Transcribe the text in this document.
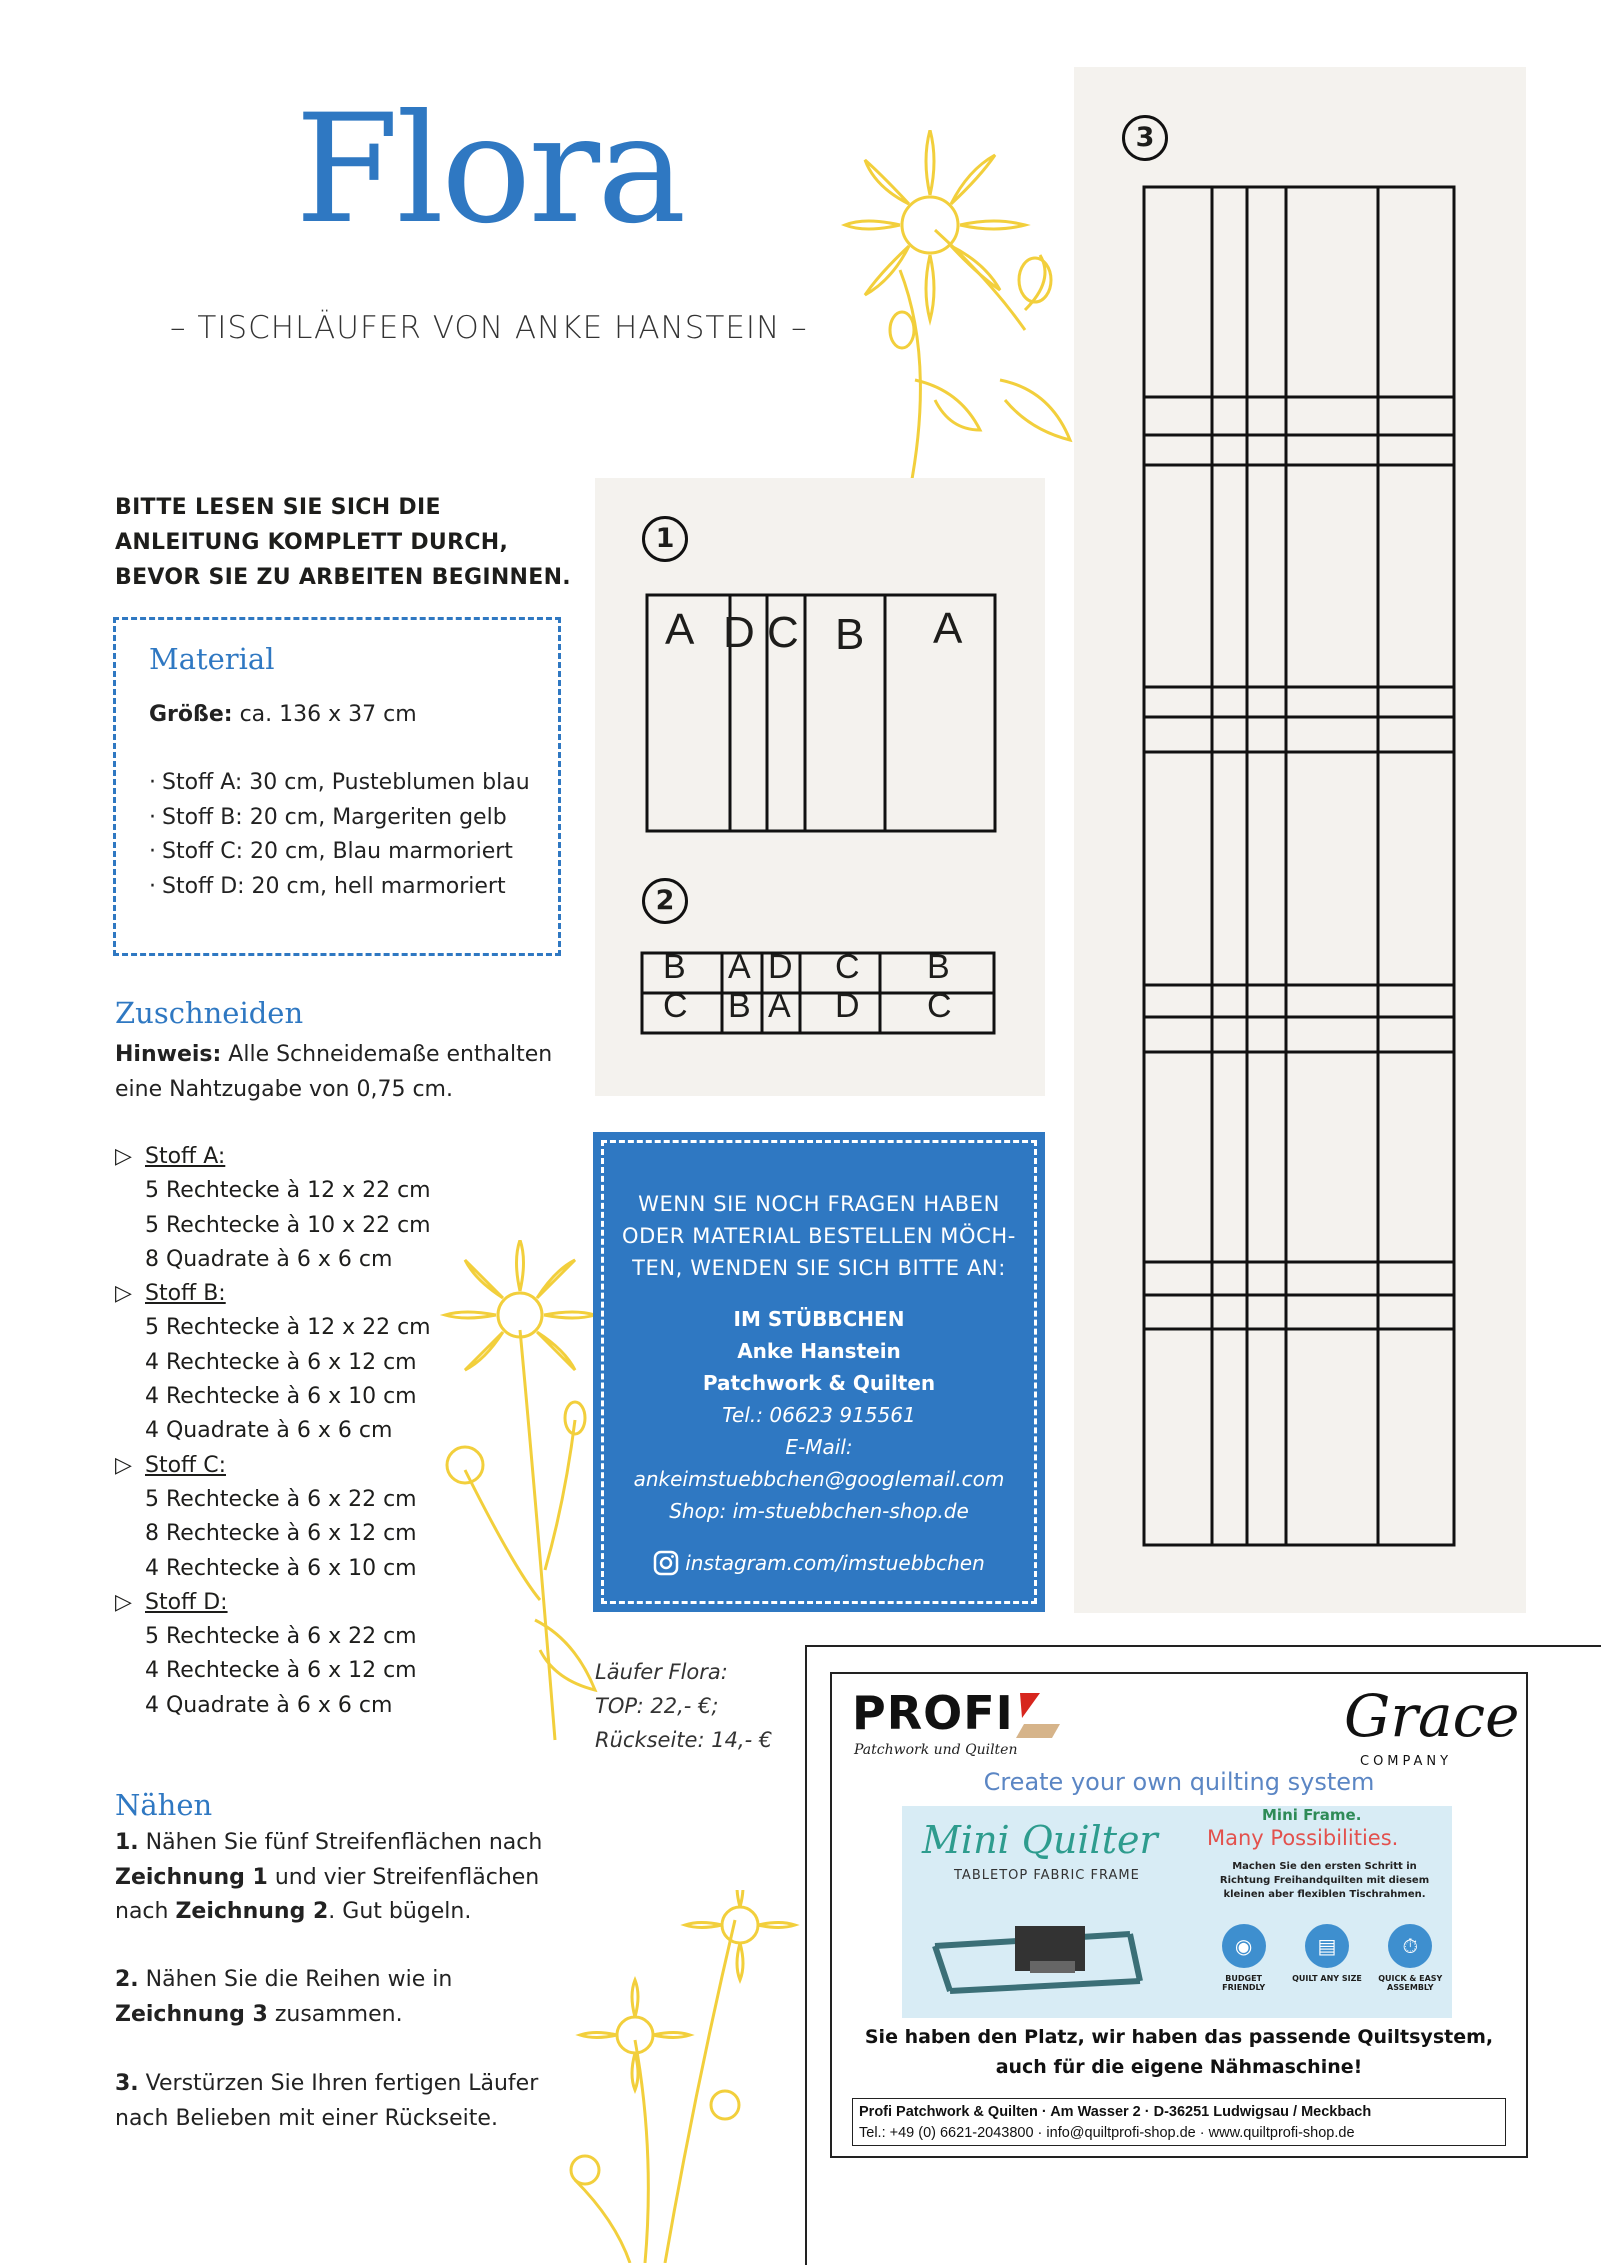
Flora
– TISCHLÄUFER VON ANKE HANSTEIN –
BITTE LESEN SIE SICH DIE ANLEITUNG KOMPLETT DURCH, BEVOR SIE ZU ARBEITEN BEGINNEN.
Material
Größe: ca. 136 x 37 cm
· Stoff A: 30 cm, Pusteblumen blau
· Stoff B: 20 cm, Margeriten gelb
· Stoff C: 20 cm, Blau marmoriert
· Stoff D: 20 cm, hell marmoriert
Zuschneiden
Hinweis: Alle Schneidemaße enthalten eine Nahtzugabe von 0,75 cm.
▷ Stoff A:
5 Rechtecke à 12 x 22 cm
5 Rechtecke à 10 x 22 cm
8 Quadrate à 6 x 6 cm
▷ Stoff B:
5 Rechtecke à 12 x 22 cm
4 Rechtecke à 6 x 12 cm
4 Rechtecke à 6 x 10 cm
4 Quadrate à 6 x 6 cm
▷ Stoff C:
5 Rechtecke à 6 x 22 cm
8 Rechtecke à 6 x 12 cm
4 Rechtecke à 6 x 10 cm
▷ Stoff D:
5 Rechtecke à 6 x 22 cm
4 Rechtecke à 6 x 12 cm
4 Quadrate à 6 x 6 cm
Nähen
1. Nähen Sie fünf Streifenflächen nach Zeichnung 1 und vier Streifenflächen nach Zeichnung 2. Gut bügeln.
2. Nähen Sie die Reihen wie in Zeichnung 3 zusammen.
3. Verstürzen Sie Ihren fertigen Läufer nach Belieben mit einer Rückseite.
1
A D C B A
2
B A D C B
C B A D C
3
WENN SIE NOCH FRAGEN HABEN
ODER MATERIAL BESTELLEN MÖCH-
TEN, WENDEN SIE SICH BITTE AN:
IM STÜBBCHEN
Anke Hanstein
Patchwork & Quilten
Tel.: 06623 915561
E-Mail:
ankeimstuebbchen@googlemail.com
Shop: im-stuebbchen-shop.de
instagram.com/imstuebbchen
Läufer Flora:
TOP: 22,- €;
Rückseite: 14,- € PROFI
Patchwork und Quilten	Grace
COMPANY
Create your own quilting system
Mini Quilter
TABLETOP FABRIC FRAME
Mini Frame.
Many Possibilities.
Machen Sie den ersten Schritt in Richtung Freihandquilten mit diesem kleinen aber flexiblen Tischrahmen.
◉
BUDGET FRIENDLY
▤
QUILT ANY SIZE
⏱
QUICK & EASY ASSEMBLY
Sie haben den Platz, wir haben das passende Quiltsystem,
auch für die eigene Nähmaschine!
Profi Patchwork & Quilten · Am Wasser 2 · D-36251 Ludwigsau / Meckbach
Tel.: +49 (0) 6621-2043800 · info@quiltprofi-shop.de · www.quiltprofi-shop.de
